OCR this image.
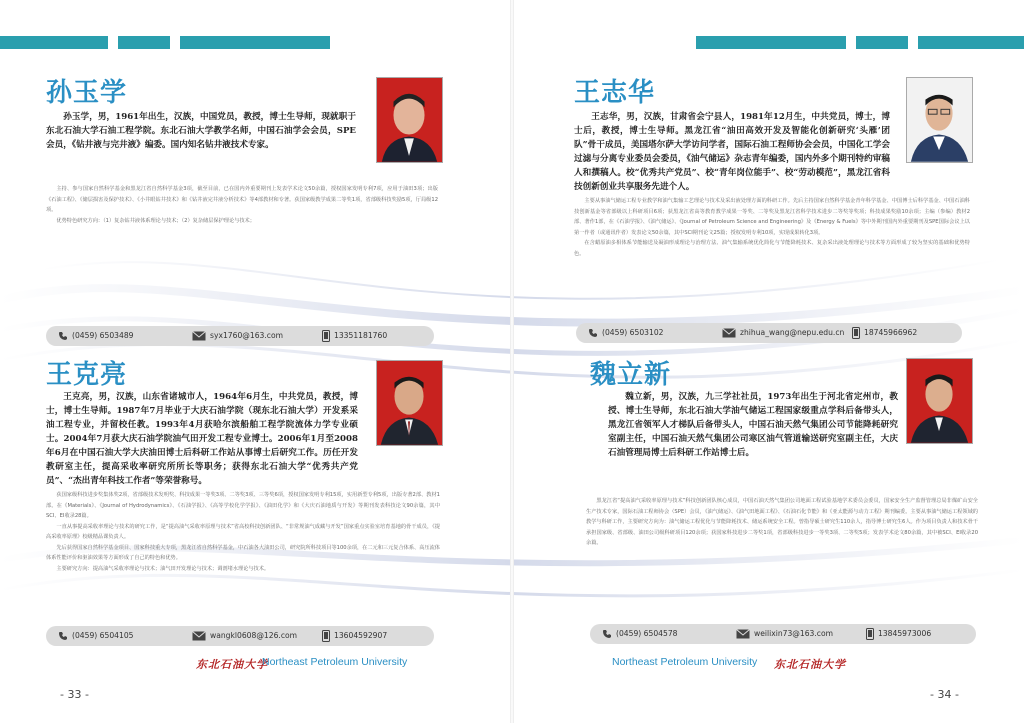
孙玉学
孙玉学，男，1961年出生，汉族，中国党员，教授，博士生导师，现就职于东北石油大学石油工程学院。东北石油大学教学名师，中国石油学会会员，SPE会员，《钻井液与完井液》编委。国内知名钻井液技术专家。

主持、参与国家自然科学基金和黑龙江省自然科学基金3项，截至目前，已在国内外重要期刊上发表学术论文50余篇，授权国家发明专利7项，应用于油田3项；出版《石油工程》、《储层损害及保护技术》、《小井眼钻井技术》和《钻井液完井液分析技术》等4部教材和专著。获国家级教学成果二等奖1项，省部级科技奖励5项，厅局级12项。

优势特色研究方向：（1）复杂钻井液体系理论与技术；（2）复杂储层保护理论与技术；

(0459) 6503489	syx1760@163.com	13351181760
王克亮
王克亮，男，汉族，山东省诸城市人，1964年6月生，中共党员，教授，博士，博士生导师。1987年7月毕业于大庆石油学院（现东北石油大学）开发系采油工程专业，并留校任教。1993年4月获哈尔滨船舶工程学院流体力学专业硕士。2004年7月获大庆石油学院油气田开发工程专业博士。2006年1月至2008年6月在中国石油大学大庆油田博士后科研工作站从事博士后研究工作。历任开发教研室主任，提高采收率研究所所长等职务；获得东北石油大学“优秀共产党员”、“杰出青年科技工作者”等荣誉称号。

获国家级科技进步奖集体奖2项，省部级技术发明奖、科技成果一等奖3项、二等奖3项、三等奖6项，授权国家发明专利15项，实用新型专利5项，出版专著2部、教材1部。在《Materials》、《Journal of Hydrodynamics》、《石油学报》、《高等学校化学学报》、《油田化学》和《大庆石油地质与开发》等期刊发表科技论文90余篇，其中SCI、EI收录28篇。

一直从事提高采收率理论与技术的研究工作，是“提高油气采收率原理与技术”省高校科技创新团队、“非常规油气成藏与开发”国家重点实验室培育基地的骨干成员，《提高采收率原理》校级精品课负责人。

先后获得国家自然科学基金项目、国家科技重大专项，黑龙江省自然科学基金，中石油各大油田公司，研究院所科技项目等100余项，在二元和三元复合体系、高压流体体系性能评价和驱油效果等方面形成了自己的特色和优势。

主要研究方向：提高油气采收率理论与技术；油气田开发理论与技术；调剖堵水理论与技术。

(0459) 6504105	wangkl0608@126.com	13604592907
东北石油大学
Northeast Petroleum University
- 33 -
王志华
王志华，男，汉族，甘肃省会宁县人，1981年12月生，中共党员，博士，博士后，教授，博士生导师。黑龙江省“油田高效开发及智能化创新研究‘头雁’团队”骨干成员，美国塔尔萨大学访问学者，国际石油工程师协会会员，中国化工学会过滤与分离专业委员会委员，《油气储运》杂志青年编委，国内外多个期刊特约审稿人和撰稿人。校“优秀共产党员”、校“青年岗位能手”、校“劳动模范”，黑龙江省科技创新创业共享服务先进个人。

主要从事油气储运工程专业教学和油气集输工艺理论与技术及采出液处理方面的科研工作。先后主持国家自然科学基金青年科学基金、中国博士后科学基金、中国石油科技创新基金等省部级以上科研项目6项；获黑龙江省高等教育教学成果一等奖、二等奖及黑龙江省科学技术进步二等奖等奖项；科技成果奖励10余项；主编（参编）教材2部、著作1部，在《石油学报》、《油气储运》、《Journal of Petroleum Science and Engineering》及《Energy & Fuels》等中外期刊国内外重要期刊及SPE国际会议上以第一作者（或通讯作者）发表论文50余篇，其中SCI期刊论文25篇；授权发明专利10项，实现成果转化3项。

在含蜡原油多相体系节能输送及凝油形成理论与治理方法、油气集输系统优化简化与节能降耗技术、复杂采出液处理理论与技术等方面形成了较为坚实的基础和优势特色。

(0459) 6503102	zhihua_wang@nepu.edu.cn	18745966962
魏立新
魏立新，男，汉族，九三学社社员，1973年出生于河北省定州市，教授、博士生导师，东北石油大学油气储运工程国家级重点学科后备带头人，黑龙江省领军人才梯队后备带头人，中国石油天然气集团公司节能降耗研究室副主任，中国石油天然气集团公司寒区油气管道输送研究室副主任，大庆石油管理局博士后科研工作站博士后。

黑龙江省“提高油气采收率原理与技术”科技创新团队核心成员，中国石油天然气集团公司地面工程试验基地学术委员会委员，国家安全生产监督管理总局非煤矿山安全生产技术专家，国际石油工程师协会（SPE）会员，《油气储运》、《油气田地面工程》、《石油石化节能》和《亚太能源与动力工程》期刊编委。主要从事油气储运工程领域的教学与科研工作，主要研究方向为：油气储运工程优化与节能降耗技术、储运系统安全工程。曾指导硕士研究生110余人，指导博士研究生6人。作为项目负责人和技术骨干承担国家级、省部级、油田公司级科研项目120余项；获国家科技进步二等奖1项，省部级科技进步一等奖3项、二等奖5项；发表学术论文80余篇，其中被SCI、EI收录20余篇。

(0459) 6504578	weilixin73@163.com	13845973006
Northeast Petroleum University 东北石油大学
- 34 -
